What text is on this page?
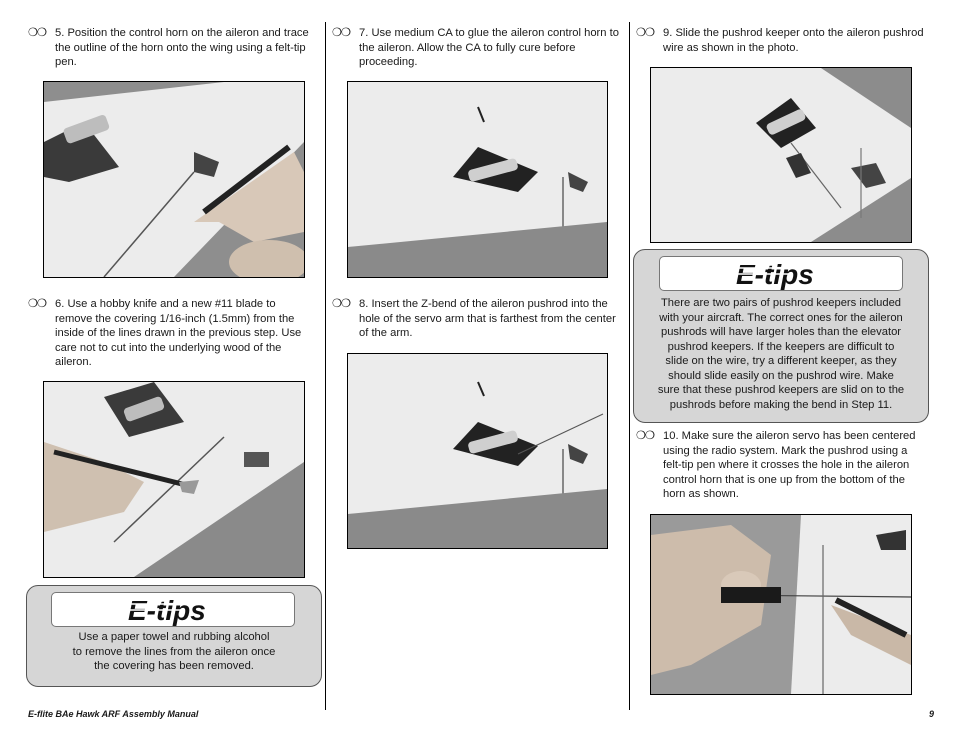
❍❍ 5. Position the control horn on the aileron and trace the outline of the horn onto the wing using a felt-tip pen.
❍❍ 6. Use a hobby knife and a new #11 blade to remove the covering 1/16-inch (1.5mm) from the inside of the lines drawn in the previous step. Use care not to cut into the underlying wood of the aileron.
E-tips
Use a paper towel and rubbing alcohol
to remove the lines from the aileron once
the covering has been removed.
❍❍ 7. Use medium CA to glue the aileron control horn to the aileron. Allow the CA to fully cure before proceeding.
❍❍ 8. Insert the Z-bend of the aileron pushrod into the hole of the servo arm that is farthest from the center of the arm.
❍❍ 9. Slide the pushrod keeper onto the aileron pushrod wire as shown in the photo.
E-tips
There are two pairs of pushrod keepers included
with your aircraft. The correct ones for the aileron
pushrods will have larger holes than the elevator
pushrod keepers. If the keepers are difficult to
slide on the wire, try a different keeper, as they
should slide easily on the pushrod wire. Make
sure that these pushrod keepers are slid on to the
pushrods before making the bend in Step 11.
❍❍ 10. Make sure the aileron servo has been centered using the radio system. Mark the pushrod using a felt-tip pen where it crosses the hole in the aileron control horn that is one up from the bottom of the horn as shown.
E-flite BAe Hawk ARF Assembly Manual	9
